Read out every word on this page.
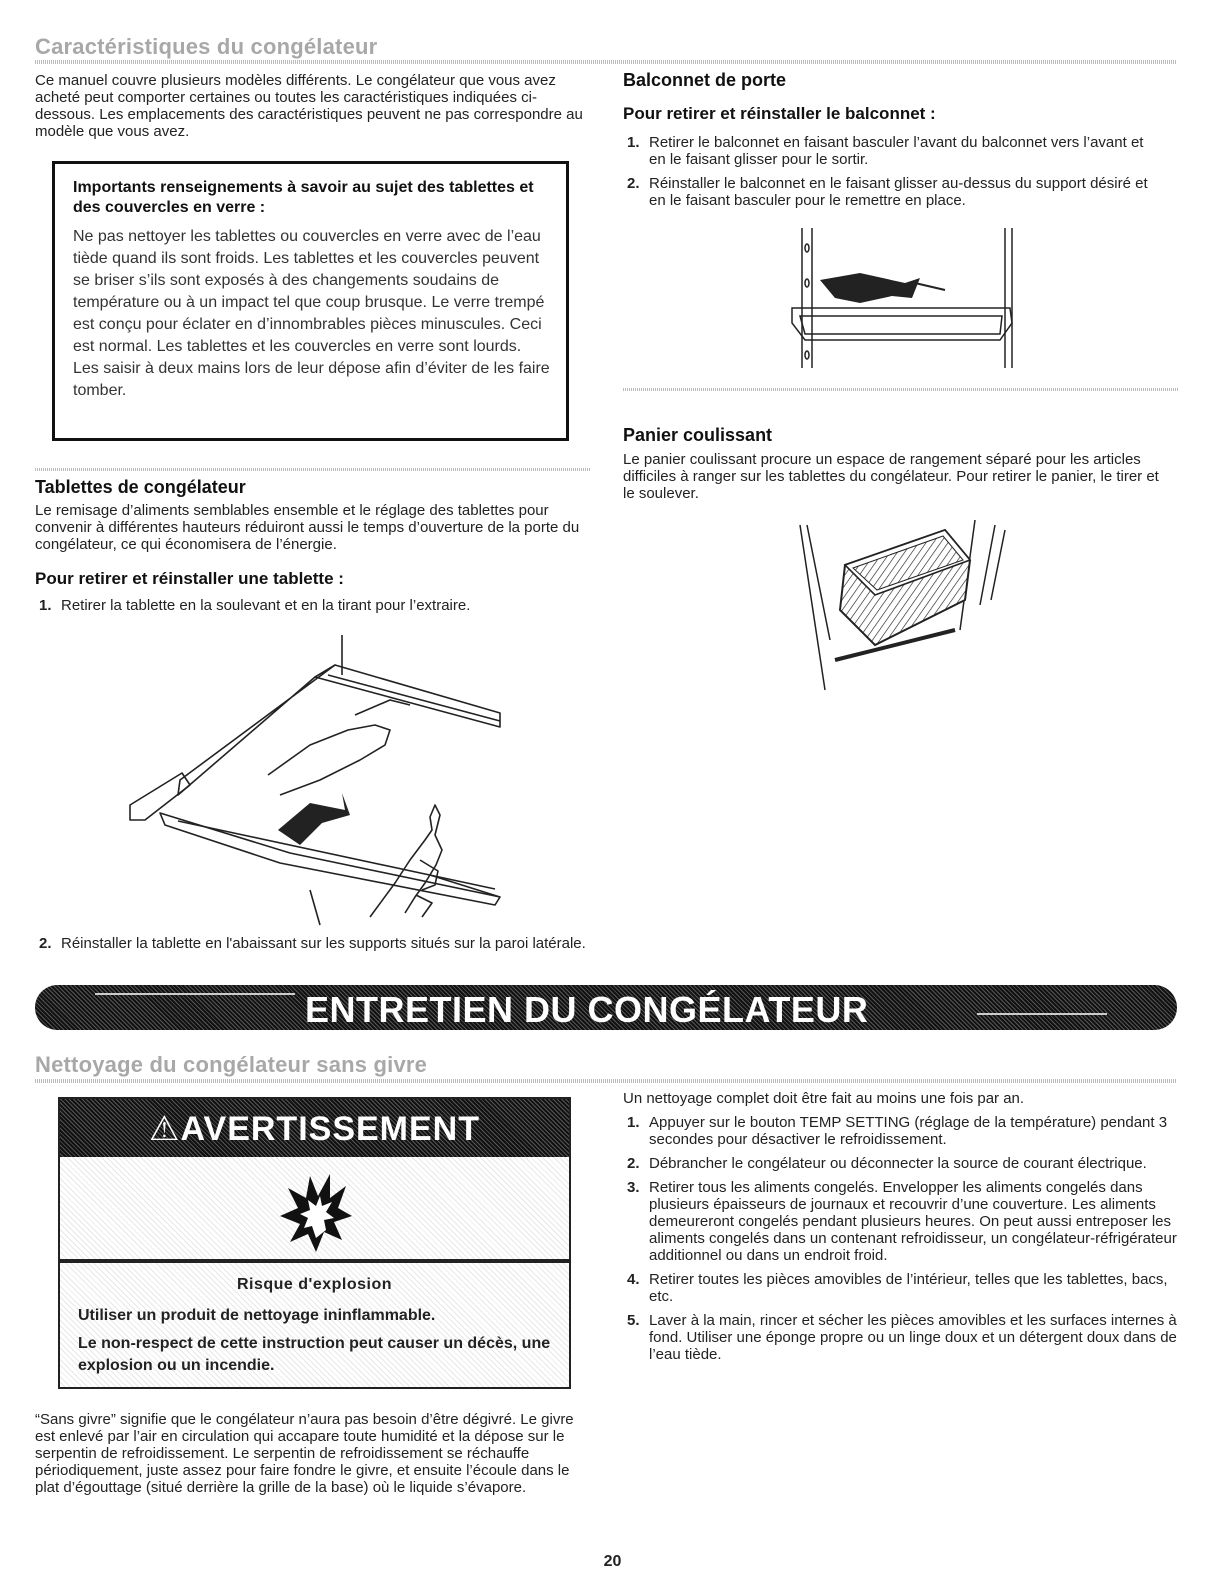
Caractéristiques du congélateur

Ce manuel couvre plusieurs modèles différents. Le congélateur que vous avez acheté peut comporter certaines ou toutes les caractéristiques indiquées ci-dessous. Les emplacements des caractéristiques peuvent ne pas correspondre au modèle que vous avez.

Importants renseignements à savoir au sujet des tablettes et des couvercles en verre :

Ne pas nettoyer les tablettes ou couvercles en verre avec de l’eau tiède quand ils sont froids. Les tablettes et les couvercles peuvent se briser s’ils sont exposés à des changements soudains de température ou à un impact tel que coup brusque. Le verre trempé est conçu pour éclater en d’innombrables pièces minuscules. Ceci est normal. Les tablettes et les couvercles en verre sont lourds. Les saisir à deux mains lors de leur dépose afin d’éviter de les faire tomber.

Tablettes de congélateur

Le remisage d’aliments semblables ensemble et le réglage des tablettes pour convenir à différentes hauteurs réduiront aussi le temps d’ouverture de la porte du congélateur, ce qui économisera de l’énergie.

Pour retirer et réinstaller une tablette :
1. Retirer la tablette en la soulevant et en la tirant pour l’extraire.
2. Réinstaller la tablette en l'abaissant sur les supports situés sur la paroi latérale.
Balconnet de porte
Pour retirer et réinstaller le balconnet :
1. Retirer le balconnet en faisant basculer l’avant du balconnet vers l’avant et en le faisant glisser pour le sortir.
2. Réinstaller le balconnet en le faisant glisser au-dessus du support désiré et en le faisant basculer pour le remettre en place.
Panier coulissant

Le panier coulissant procure un espace de rangement séparé pour les articles difficiles à ranger sur les tablettes du congélateur. Pour retirer le panier, le tirer et le soulever.

ENTRETIEN DU CONGÉLATEUR
Nettoyage du congélateur sans givre
⚠AVERTISSEMENT
Risque d'explosion
Utiliser un produit de nettoyage ininflammable.
Le non-respect de cette instruction peut causer un décès, une explosion ou un incendie.

“Sans givre” signifie que le congélateur n’aura pas besoin d’être dégivré. Le givre est enlevé par l’air en circulation qui accapare toute humidité et la dépose sur le serpentin de refroidissement. Le serpentin de refroidissement se réchauffe périodiquement, juste assez pour faire fondre le givre, et ensuite l’écoule dans le plat d’égouttage (situé derrière la grille de la base) où le liquide s’évapore.

Un nettoyage complet doit être fait au moins une fois par an.

1. Appuyer sur le bouton TEMP SETTING (réglage de la température) pendant 3 secondes pour désactiver le refroidissement.
2. Débrancher le congélateur ou déconnecter la source de courant électrique.
3. Retirer tous les aliments congelés. Envelopper les aliments congelés dans plusieurs épaisseurs de journaux et recouvrir d’une couverture. Les aliments demeureront congelés pendant plusieurs heures. On peut aussi entreposer les aliments congelés dans un contenant refroidisseur, un congélateur-réfrigérateur additionnel ou dans un endroit froid.
4. Retirer toutes les pièces amovibles de l’intérieur, telles que les tablettes, bacs, etc.
5. Laver à la main, rincer et sécher les pièces amovibles et les surfaces internes à fond. Utiliser une éponge propre ou un linge doux et un détergent doux dans de l’eau tiède.
20
